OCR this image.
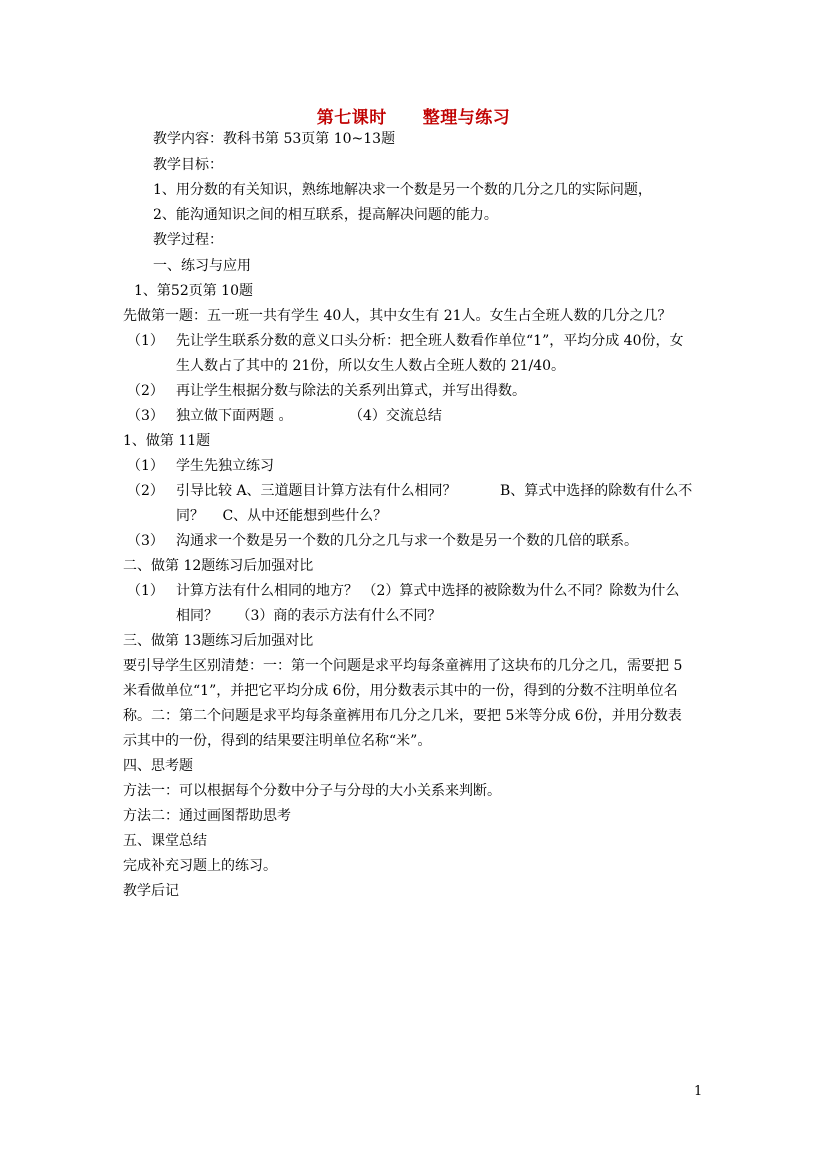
第七课时 整理与练习
教学内容：教科书第 53页第 10~13题
教学目标：
1、用分数的有关知识，熟练地解决求一个数是另一个数的几分之几的实际问题，
2、能沟通知识之间的相互联系，提高解决问题的能力。
教学过程：
一、练习与应用
1、第52页第 10题
先做第一题：五一班一共有学生 40人，其中女生有 21人。女生占全班人数的几分之几？
（1） 先让学生联系分数的意义口头分析：把全班人数看作单位“1”，平均分成 40份，女
生人数占了其中的 21份，所以女生人数占全班人数的 21/40。
（2） 再让学生根据分数与除法的关系列出算式，并写出得数。
（3） 独立做下面两题 。	（4）交流总结
1、做第 11题
（1） 学生先独立练习
（2） 引导比较 A、三道题目计算方法有什么相同？	B、算式中选择的除数有什么不
同？　 C、从中还能想到些什么？
（3） 沟通求一个数是另一个数的几分之几与求一个数是另一个数的几倍的联系。
二、做第 12题练习后加强对比
（1） 计算方法有什么相同的地方？ （2）算式中选择的被除数为什么不同？除数为什么
相同？　 （3）商的表示方法有什么不同？
三、做第 13题练习后加强对比
要引导学生区别清楚：一：第一个问题是求平均每条童裤用了这块布的几分之几，需要把 5
米看做单位“1”，并把它平均分成 6份，用分数表示其中的一份，得到的分数不注明单位名
称。二：第二个问题是求平均每条童裤用布几分之几米，要把 5米等分成 6份，并用分数表
示其中的一份，得到的结果要注明单位名称“米”。
四、思考题
方法一：可以根据每个分数中分子与分母的大小关系来判断。
方法二：通过画图帮助思考
五、课堂总结
完成补充习题上的练习。
教学后记
1
